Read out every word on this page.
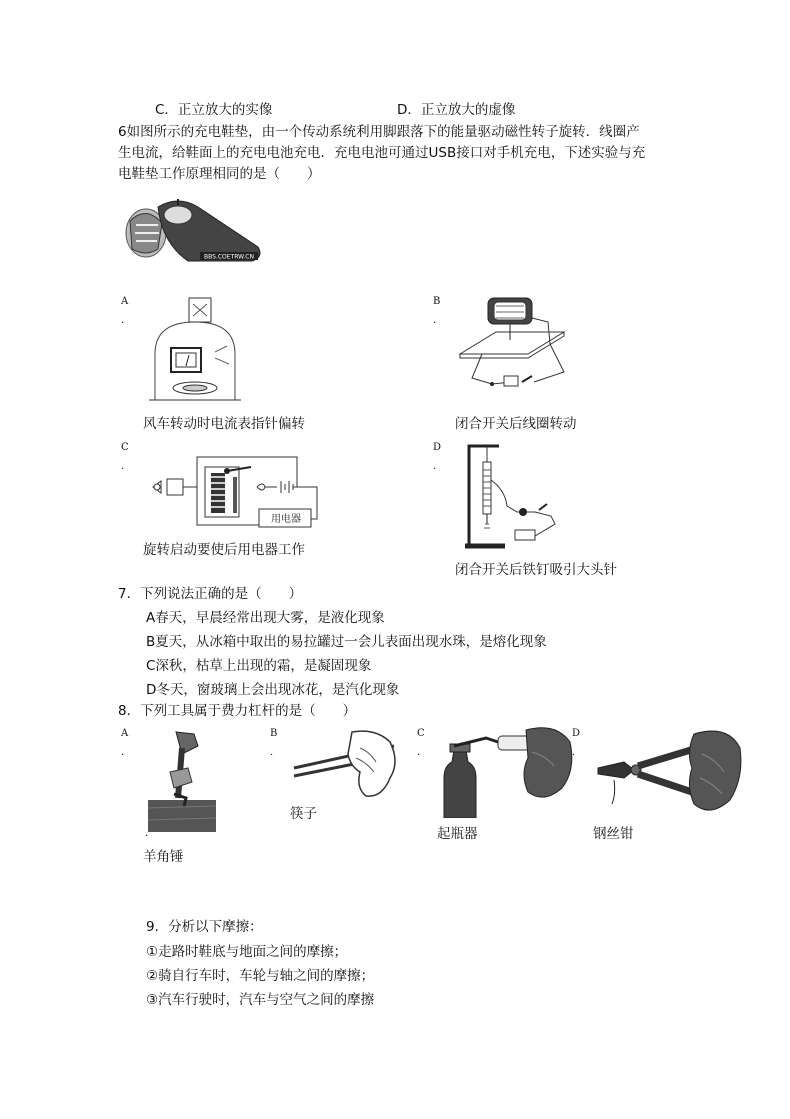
C．正立放大的实像	D．正立放大的虚像
6如图所示的充电鞋垫，由一个传动系统利用脚跟落下的能量驱动磁性转子旋转．线圈产
生电流，给鞋面上的充电电池充电．充电电池可通过USB接口对手机充电，下述实验与充
电鞋垫工作原理相同的是（　　）
BBS.COETRW.CN
A
.
风车转动时电流表指针偏转
B
.
闭合开关后线圈转动
C
.
用电器
旋转启动要使后用电器工作
D
.
闭合开关后铁钉吸引大头针
7．下列说法正确的是（　　）
A春天，早晨经常出现大雾，是液化现象
B夏天，从冰箱中取出的易拉罐过一会儿表面出现水珠，是熔化现象
C深秋，枯草上出现的霜，是凝固现象
D冬天，窗玻璃上会出现冰花，是汽化现象
8．下列工具属于费力杠杆的是（　　）
A
.
.
羊角锤
B
.
筷子
C
.
起瓶器
D
.
钢丝钳
9．分析以下摩擦：
①走路时鞋底与地面之间的摩擦；
②骑自行车时，车轮与轴之间的摩擦；
③汽车行驶时，汽车与空气之间的摩擦
